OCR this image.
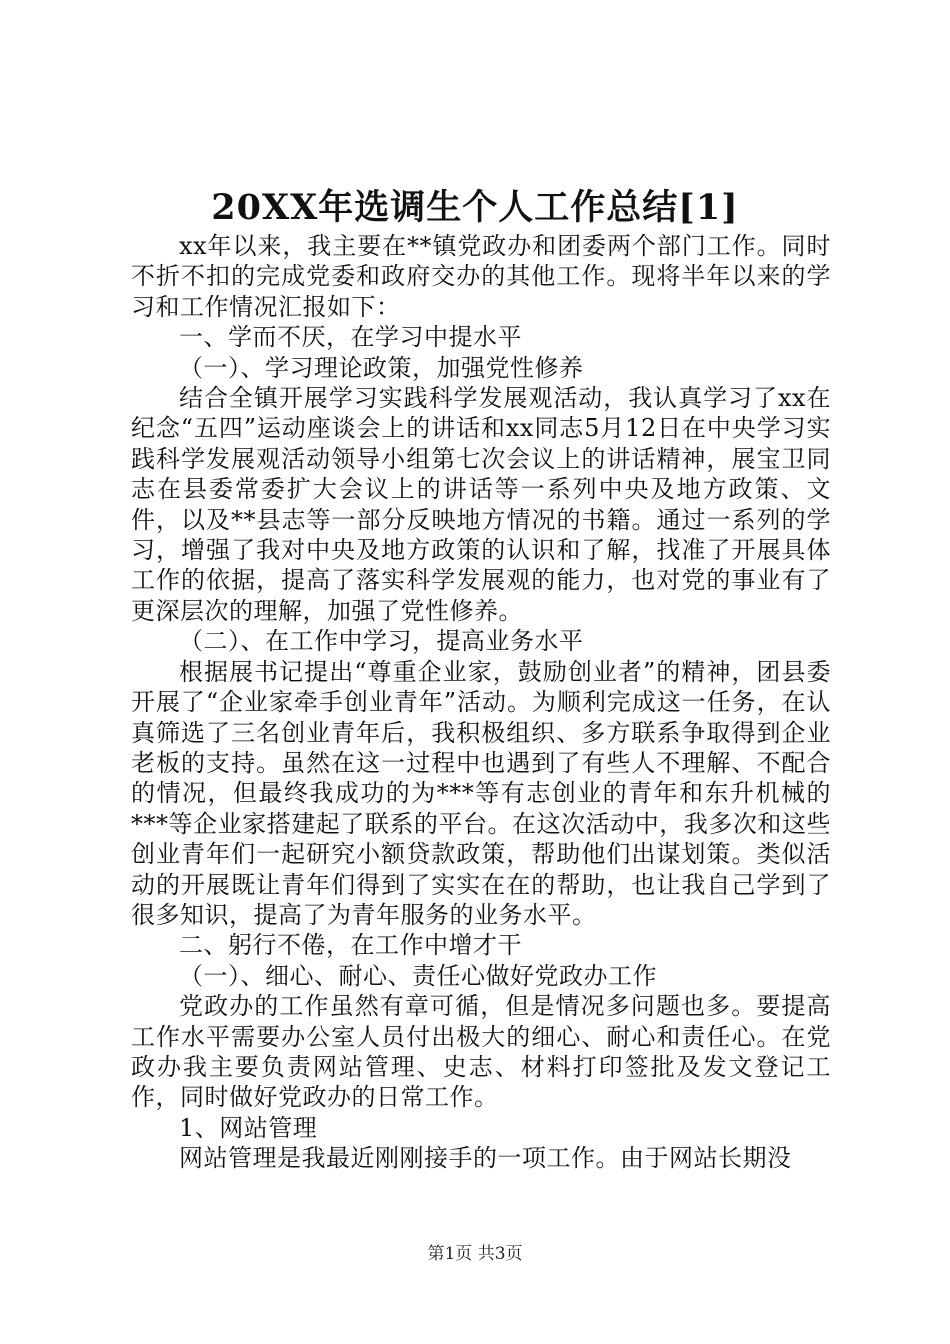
20XX年选调生个人工作总结[1]

xx年以来，我主要在**镇党政办和团委两个部门工作。同时不折不扣的完成党委和政府交办的其他工作。现将半年以来的学习和工作情况汇报如下：

一、学而不厌，在学习中提水平

（一）、学习理论政策，加强党性修养

结合全镇开展学习实践科学发展观活动，我认真学习了xx在纪念“五四”运动座谈会上的讲话和xx同志5月12日在中央学习实践科学发展观活动领导小组第七次会议上的讲话精神，展宝卫同志在县委常委扩大会议上的讲话等一系列中央及地方政策、文件，以及**县志等一部分反映地方情况的书籍。通过一系列的学习，增强了我对中央及地方政策的认识和了解，找准了开展具体工作的依据，提高了落实科学发展观的能力，也对党的事业有了更深层次的理解，加强了党性修养。

（二）、在工作中学习，提高业务水平

根据展书记提出“尊重企业家，鼓励创业者”的精神，团县委开展了“企业家牵手创业青年”活动。为顺利完成这一任务，在认真筛选了三名创业青年后，我积极组织、多方联系争取得到企业老板的支持。虽然在这一过程中也遇到了有些人不理解、不配合的情况，但最终我成功的为***等有志创业的青年和东升机械的***等企业家搭建起了联系的平台。在这次活动中，我多次和这些创业青年们一起研究小额贷款政策，帮助他们出谋划策。类似活动的开展既让青年们得到了实实在在的帮助，也让我自己学到了很多知识，提高了为青年服务的业务水平。

二、躬行不倦，在工作中增才干

（一）、细心、耐心、责任心做好党政办工作

党政办的工作虽然有章可循，但是情况多问题也多。要提高工作水平需要办公室人员付出极大的细心、耐心和责任心。在党政办我主要负责网站管理、史志、材料打印签批及发文登记工作，同时做好党政办的日常工作。

1、网站管理

网站管理是我最近刚刚接手的一项工作。由于网站长期没

第1页 共3页
